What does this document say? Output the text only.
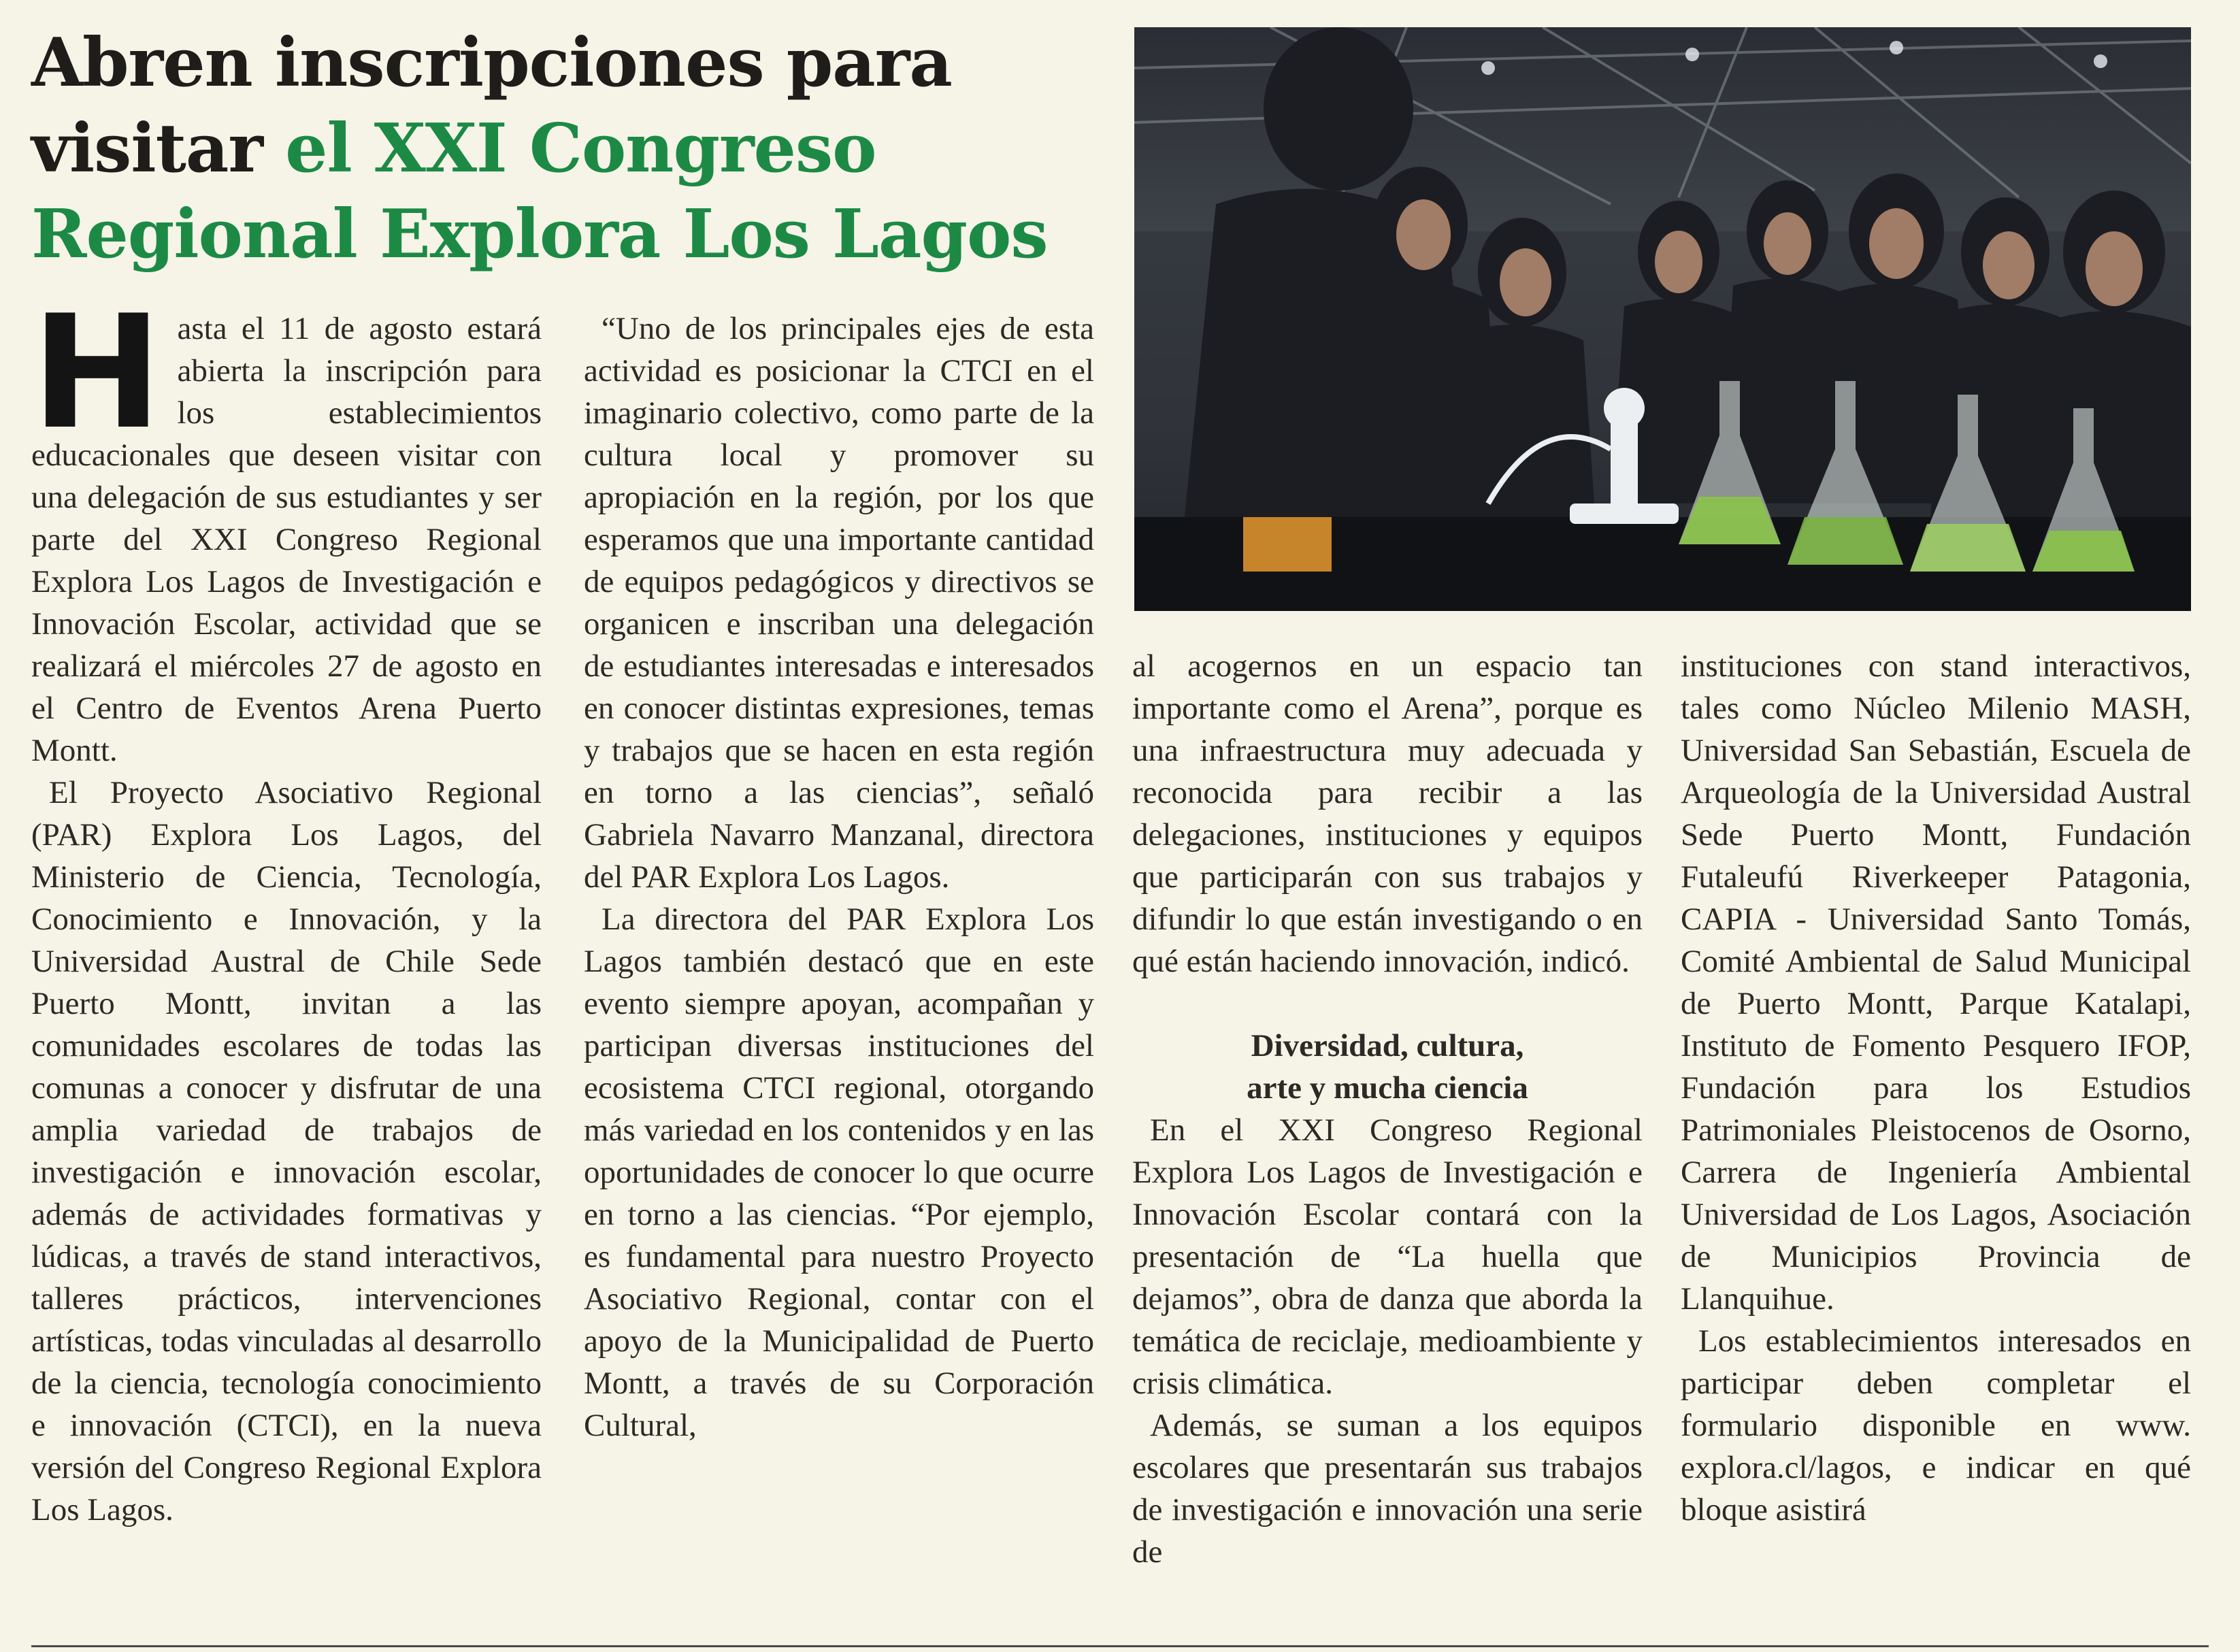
Abren inscripciones para
visitar el XXI Congreso
Regional Explora Los Lagos

Hasta el 11 de agosto estará abierta la inscripción para los establecimientos educacionales que deseen visitar con una delegación de sus estudiantes y ser parte del XXI Congreso Regional Explora Los Lagos de Investigación e Innovación Escolar, actividad que se realizará el miércoles 27 de agosto en el Centro de Eventos Arena Puerto Montt.

El Proyecto Asociativo Regional (PAR) Explora Los Lagos, del Ministerio de Ciencia, Tecnología, Conocimiento e Innovación, y la Universidad Austral de Chile Sede Puerto Montt, invitan a las comunidades escolares de todas las comunas a conocer y disfrutar de una amplia variedad de trabajos de investigación e innovación escolar, además de actividades formativas y lúdicas, a través de stand interactivos, talleres prácticos, intervenciones artísticas, todas vinculadas al desarrollo de la ciencia, tecnología conocimiento e innovación (CTCI), en la nueva versión del Congreso Regional Explora Los Lagos.

“Uno de los principales ejes de esta actividad es posicionar la CTCI en el imaginario colectivo, como parte de la cultura local y promover su apropiación en la región, por los que esperamos que una importante cantidad de equipos pedagógicos y directivos se organicen e inscriban una delegación de estudiantes interesadas e interesados en conocer distintas expresiones, temas y trabajos que se hacen en esta región en torno a las ciencias”, señaló Gabriela Navarro Manzanal, directora del PAR Explora Los Lagos.

La directora del PAR Explora Los Lagos también destacó que en este evento siempre apoyan, acompañan y participan diversas instituciones del ecosistema CTCI regional, otorgando más variedad en los contenidos y en las oportunidades de conocer lo que ocurre en torno a las ciencias. “Por ejemplo, es fundamental para nuestro Proyecto Asociativo Regional, contar con el apoyo de la Municipalidad de Puerto Montt, a través de su Corporación Cultural,

al acogernos en un espacio tan importante como el Arena”, porque es una infraestructura muy adecuada y reconocida para recibir a las delegaciones, instituciones y equipos que participarán con sus trabajos y difundir lo que están investigando o en qué están haciendo innovación, indicó.

Diversidad, cultura,

arte y mucha ciencia

En el XXI Congreso Regional Explora Los Lagos de Investigación e Innovación Escolar contará con la presentación de “La huella que dejamos”, obra de danza que aborda la temática de reciclaje, medioambiente y crisis climática.

Además, se suman a los equipos escolares que presentarán sus trabajos de investigación e innovación una serie de

instituciones con stand interactivos, tales como Núcleo Milenio MASH, Universidad San Sebastián, Escuela de Arqueología de la Universidad Austral Sede Puerto Montt, Fundación Futaleufú Riverkeeper Patagonia, CAPIA - Universidad Santo Tomás, Comité Ambiental de Salud Municipal de Puerto Montt, Parque Katalapi, Instituto de Fomento Pesquero IFOP, Fundación para los Estudios Patrimoniales Pleistocenos de Osorno, Carrera de Ingeniería Ambiental Universidad de Los Lagos, Asociación de Municipios Provincia de Llanquihue.

Los establecimientos interesados en participar deben completar el formulario disponible en www. explora.cl/lagos, e indicar en qué bloque asistirá
